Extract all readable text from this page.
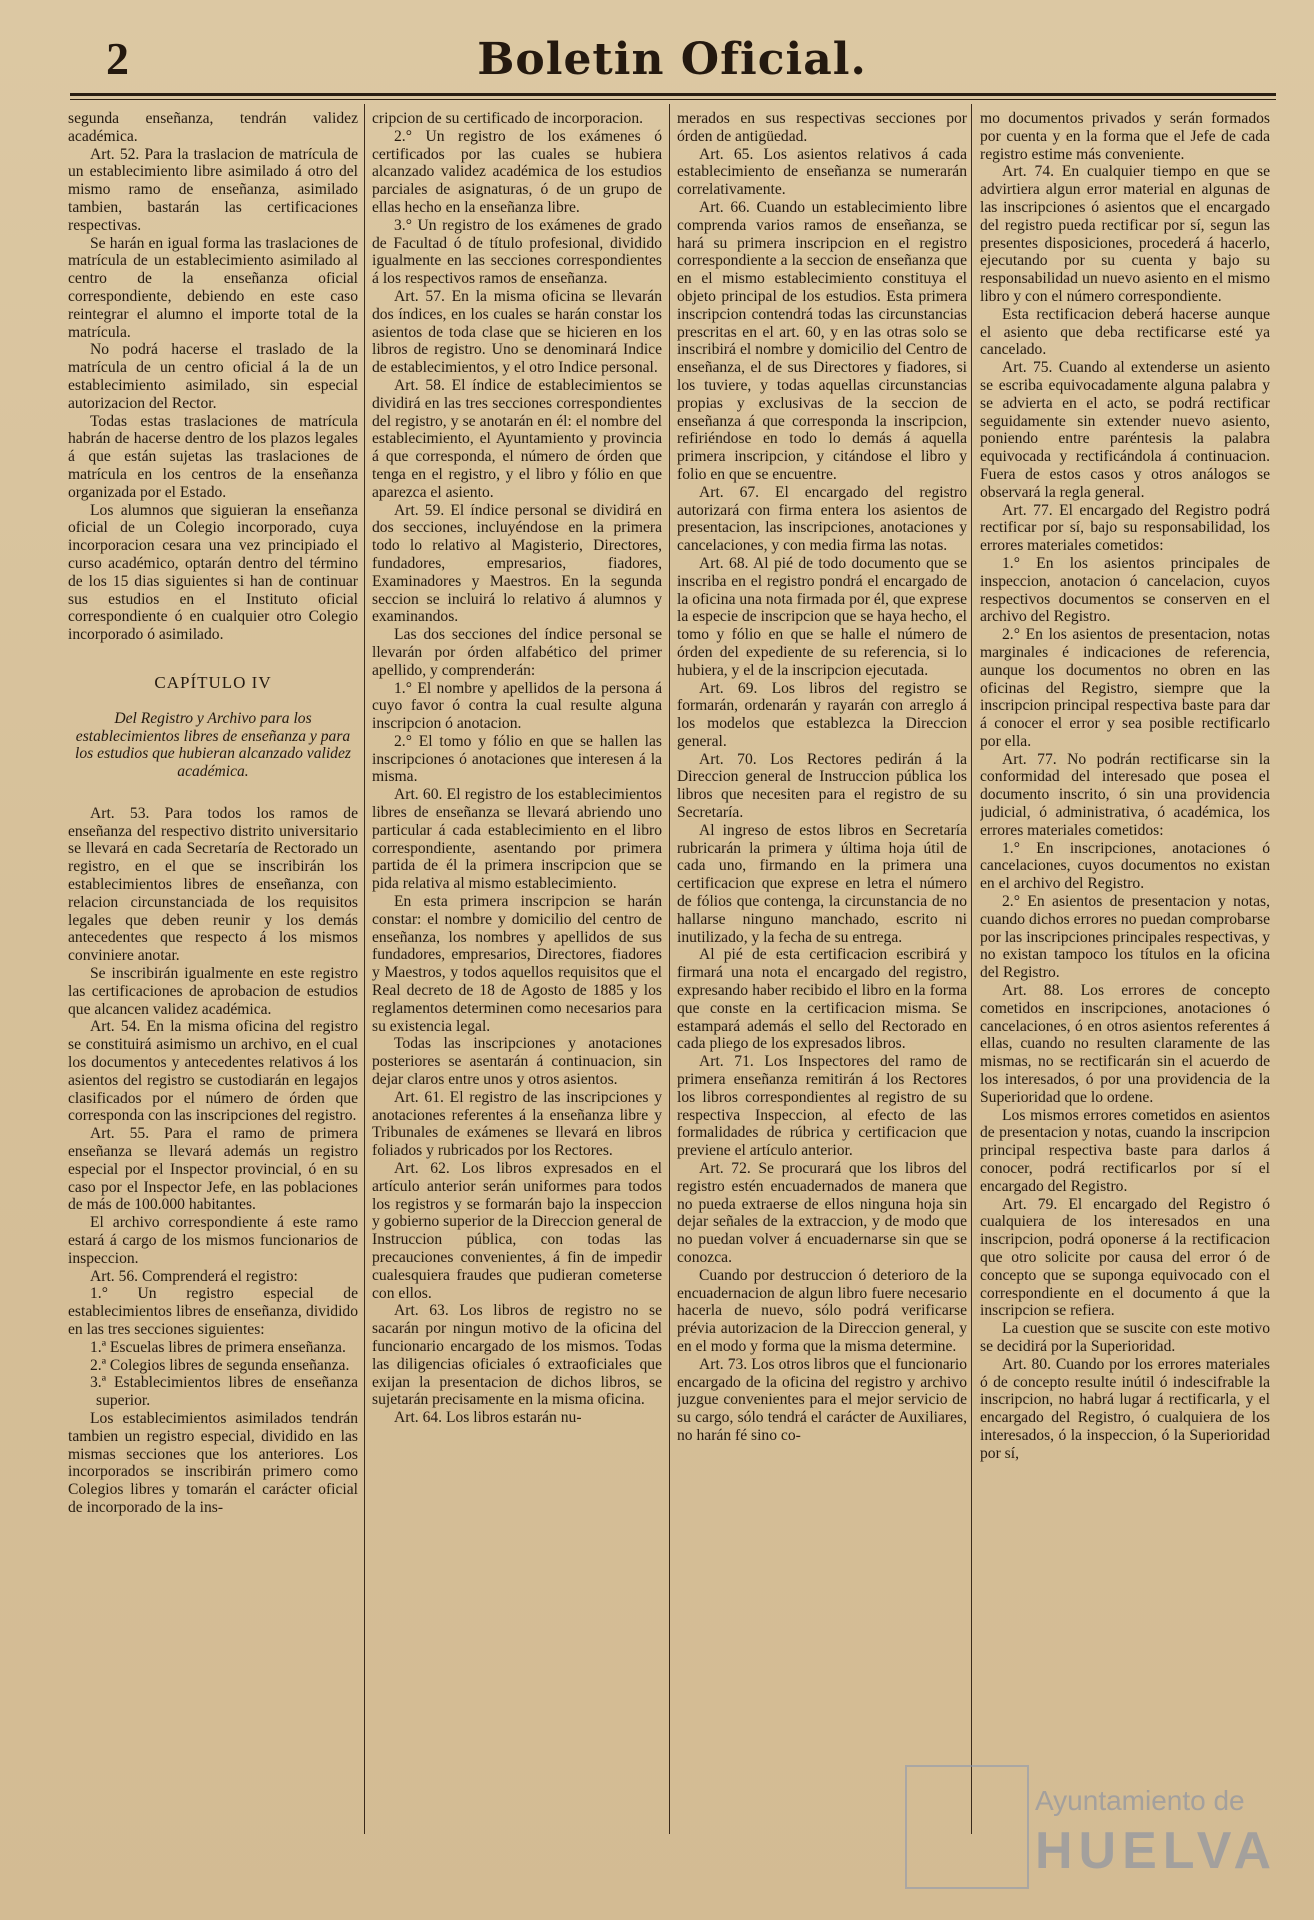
2	Boletin Oficial.

segunda enseñanza, tendrán validez académica.

Art. 52. Para la traslacion de matrícula de un establecimiento libre asimilado á otro del mismo ramo de enseñanza, asimilado tambien, bastarán las certificaciones respectivas.

Se harán en igual forma las traslaciones de matrícula de un establecimiento asimilado al centro de la enseñanza oficial correspondiente, debiendo en este caso reintegrar el alumno el importe total de la matrícula.

No podrá hacerse el traslado de la matrícula de un centro oficial á la de un establecimiento asimilado, sin especial autorizacion del Rector.

Todas estas traslaciones de matrícula habrán de hacerse dentro de los plazos legales á que están sujetas las traslaciones de matrícula en los centros de la enseñanza organizada por el Estado.

Los alumnos que siguieran la enseñanza oficial de un Colegio incorporado, cuya incorporacion cesara una vez principiado el curso académico, optarán dentro del término de los 15 dias siguientes si han de continuar sus estudios en el Instituto oficial correspondiente ó en cualquier otro Colegio incorporado ó asimilado.

CAPÍTULO IV

Del Registro y Archivo para los establecimientos libres de enseñanza y para los estudios que hubieran alcanzado validez académica.

Art. 53. Para todos los ramos de enseñanza del respectivo distrito universitario se llevará en cada Secretaría de Rectorado un registro, en el que se inscribirán los establecimientos libres de enseñanza, con relacion circunstanciada de los requisitos legales que deben reunir y los demás antecedentes que respecto á los mismos conviniere anotar.

Se inscribirán igualmente en este registro las certificaciones de aprobacion de estudios que alcancen validez académica.

Art. 54. En la misma oficina del registro se constituirá asimismo un archivo, en el cual los documentos y antecedentes relativos á los asientos del registro se custodiarán en legajos clasificados por el número de órden que corresponda con las inscripciones del registro.

Art. 55. Para el ramo de primera enseñanza se llevará además un registro especial por el Inspector provincial, ó en su caso por el Inspector Jefe, en las poblaciones de más de 100.000 habitantes.

El archivo correspondiente á este ramo estará á cargo de los mismos funcionarios de inspeccion.

Art. 56. Comprenderá el registro:

1.° Un registro especial de establecimientos libres de enseñanza, dividido en las tres secciones siguientes:

1.ª Escuelas libres de primera enseñanza.

2.ª Colegios libres de segunda enseñanza.

3.ª Establecimientos libres de enseñanza superior.

Los establecimientos asimilados tendrán tambien un registro especial, dividido en las mismas secciones que los anteriores. Los incorporados se inscribirán primero como Colegios libres y tomarán el carácter oficial de incorporado de la ins-

cripcion de su certificado de incorporacion.

2.° Un registro de los exámenes ó certificados por las cuales se hubiera alcanzado validez académica de los estudios parciales de asignaturas, ó de un grupo de ellas hecho en la enseñanza libre.

3.° Un registro de los exámenes de grado de Facultad ó de título profesional, dividido igualmente en las secciones correspondientes á los respectivos ramos de enseñanza.

Art. 57. En la misma oficina se llevarán dos índices, en los cuales se harán constar los asientos de toda clase que se hicieren en los libros de registro. Uno se denominará Indice de establecimientos, y el otro Indice personal.

Art. 58. El índice de establecimientos se dividirá en las tres secciones correspondientes del registro, y se anotarán en él: el nombre del establecimiento, el Ayuntamiento y provincia á que corresponda, el número de órden que tenga en el registro, y el libro y fólio en que aparezca el asiento.

Art. 59. El índice personal se dividirá en dos secciones, incluyéndose en la primera todo lo relativo al Magisterio, Directores, fundadores, empresarios, fiadores, Examinadores y Maestros. En la segunda seccion se incluirá lo relativo á alumnos y examinandos.

Las dos secciones del índice personal se llevarán por órden alfabético del primer apellido, y comprenderán:

1.° El nombre y apellidos de la persona á cuyo favor ó contra la cual resulte alguna inscripcion ó anotacion.

2.° El tomo y fólio en que se hallen las inscripciones ó anotaciones que interesen á la misma.

Art. 60. El registro de los establecimientos libres de enseñanza se llevará abriendo uno particular á cada establecimiento en el libro correspondiente, asentando por primera partida de él la primera inscripcion que se pida relativa al mismo establecimiento.

En esta primera inscripcion se harán constar: el nombre y domicilio del centro de enseñanza, los nombres y apellidos de sus fundadores, empresarios, Directores, fiadores y Maestros, y todos aquellos requisitos que el Real decreto de 18 de Agosto de 1885 y los reglamentos determinen como necesarios para su existencia legal.

Todas las inscripciones y anotaciones posteriores se asentarán á continuacion, sin dejar claros entre unos y otros asientos.

Art. 61. El registro de las inscripciones y anotaciones referentes á la enseñanza libre y Tribunales de exámenes se llevará en libros foliados y rubricados por los Rectores.

Art. 62. Los libros expresados en el artículo anterior serán uniformes para todos los registros y se formarán bajo la inspeccion y gobierno superior de la Direccion general de Instruccion pública, con todas las precauciones convenientes, á fin de impedir cualesquiera fraudes que pudieran cometerse con ellos.

Art. 63. Los libros de registro no se sacarán por ningun motivo de la oficina del funcionario encargado de los mismos. Todas las diligencias oficiales ó extraoficiales que exijan la presentacion de dichos libros, se sujetarán precisamente en la misma oficina.

Art. 64. Los libros estarán nu-

merados en sus respectivas secciones por órden de antigüedad.

Art. 65. Los asientos relativos á cada establecimiento de enseñanza se numerarán correlativamente.

Art. 66. Cuando un establecimiento libre comprenda varios ramos de enseñanza, se hará su primera inscripcion en el registro correspondiente a la seccion de enseñanza que en el mismo establecimiento constituya el objeto principal de los estudios. Esta primera inscripcion contendrá todas las circunstancias prescritas en el art. 60, y en las otras solo se inscribirá el nombre y domicilio del Centro de enseñanza, el de sus Directores y fiadores, si los tuviere, y todas aquellas circunstancias propias y exclusivas de la seccion de enseñanza á que corresponda la inscripcion, refiriéndose en todo lo demás á aquella primera inscripcion, y citándose el libro y folio en que se encuentre.

Art. 67. El encargado del registro autorizará con firma entera los asientos de presentacion, las inscripciones, anotaciones y cancelaciones, y con media firma las notas.

Art. 68. Al pié de todo documento que se inscriba en el registro pondrá el encargado de la oficina una nota firmada por él, que exprese la especie de inscripcion que se haya hecho, el tomo y fólio en que se halle el número de órden del expediente de su referencia, si lo hubiera, y el de la inscripcion ejecutada.

Art. 69. Los libros del registro se formarán, ordenarán y rayarán con arreglo á los modelos que establezca la Direccion general.

Art. 70. Los Rectores pedirán á la Direccion general de Instruccion pública los libros que necesiten para el registro de su Secretaría.

Al ingreso de estos libros en Secretaría rubricarán la primera y última hoja útil de cada uno, firmando en la primera una certificacion que exprese en letra el número de fólios que contenga, la circunstancia de no hallarse ninguno manchado, escrito ni inutilizado, y la fecha de su entrega.

Al pié de esta certificacion escribirá y firmará una nota el encargado del registro, expresando haber recibido el libro en la forma que conste en la certificacion misma. Se estampará además el sello del Rectorado en cada pliego de los expresados libros.

Art. 71. Los Inspectores del ramo de primera enseñanza remitirán á los Rectores los libros correspondientes al registro de su respectiva Inspeccion, al efecto de las formalidades de rúbrica y certificacion que previene el artículo anterior.

Art. 72. Se procurará que los libros del registro estén encuadernados de manera que no pueda extraerse de ellos ninguna hoja sin dejar señales de la extraccion, y de modo que no puedan volver á encuadernarse sin que se conozca.

Cuando por destruccion ó deterioro de la encuadernacion de algun libro fuere necesario hacerla de nuevo, sólo podrá verificarse prévia autorizacion de la Direccion general, y en el modo y forma que la misma determine.

Art. 73. Los otros libros que el funcionario encargado de la oficina del registro y archivo juzgue convenientes para el mejor servicio de su cargo, sólo tendrá el carácter de Auxiliares, no harán fé sino co-

mo documentos privados y serán formados por cuenta y en la forma que el Jefe de cada registro estime más conveniente.

Art. 74. En cualquier tiempo en que se advirtiera algun error material en algunas de las inscripciones ó asientos que el encargado del registro pueda rectificar por sí, segun las presentes disposiciones, procederá á hacerlo, ejecutando por su cuenta y bajo su responsabilidad un nuevo asiento en el mismo libro y con el número correspondiente.

Esta rectificacion deberá hacerse aunque el asiento que deba rectificarse esté ya cancelado.

Art. 75. Cuando al extenderse un asiento se escriba equivocadamente alguna palabra y se advierta en el acto, se podrá rectificar seguidamente sin extender nuevo asiento, poniendo entre paréntesis la palabra equivocada y rectificándola á continuacion. Fuera de estos casos y otros análogos se observará la regla general.

Art. 77. El encargado del Registro podrá rectificar por sí, bajo su responsabilidad, los errores materiales cometidos:

1.° En los asientos principales de inspeccion, anotacion ó cancelacion, cuyos respectivos documentos se conserven en el archivo del Registro.

2.° En los asientos de presentacion, notas marginales é indicaciones de referencia, aunque los documentos no obren en las oficinas del Registro, siempre que la inscripcion principal respectiva baste para dar á conocer el error y sea posible rectificarlo por ella.

Art. 77. No podrán rectificarse sin la conformidad del interesado que posea el documento inscrito, ó sin una providencia judicial, ó administrativa, ó académica, los errores materiales cometidos:

1.° En inscripciones, anotaciones ó cancelaciones, cuyos documentos no existan en el archivo del Registro.

2.° En asientos de presentacion y notas, cuando dichos errores no puedan comprobarse por las inscripciones principales respectivas, y no existan tampoco los títulos en la oficina del Registro.

Art. 88. Los errores de concepto cometidos en inscripciones, anotaciones ó cancelaciones, ó en otros asientos referentes á ellas, cuando no resulten claramente de las mismas, no se rectificarán sin el acuerdo de los interesados, ó por una providencia de la Superioridad que lo ordene.

Los mismos errores cometidos en asientos de presentacion y notas, cuando la inscripcion principal respectiva baste para darlos á conocer, podrá rectificarlos por sí el encargado del Registro.

Art. 79. El encargado del Registro ó cualquiera de los interesados en una inscripcion, podrá oponerse á la rectificacion que otro solicite por causa del error ó de concepto que se suponga equivocado con el correspondiente en el documento á que la inscripcion se refiera.

La cuestion que se suscite con este motivo se decidirá por la Superioridad.

Art. 80. Cuando por los errores materiales ó de concepto resulte inútil ó indescifrable la inscripcion, no habrá lugar á rectificarla, y el encargado del Registro, ó cualquiera de los interesados, ó la inspeccion, ó la Superioridad por sí,

Ayuntamiento de
HUELVA
